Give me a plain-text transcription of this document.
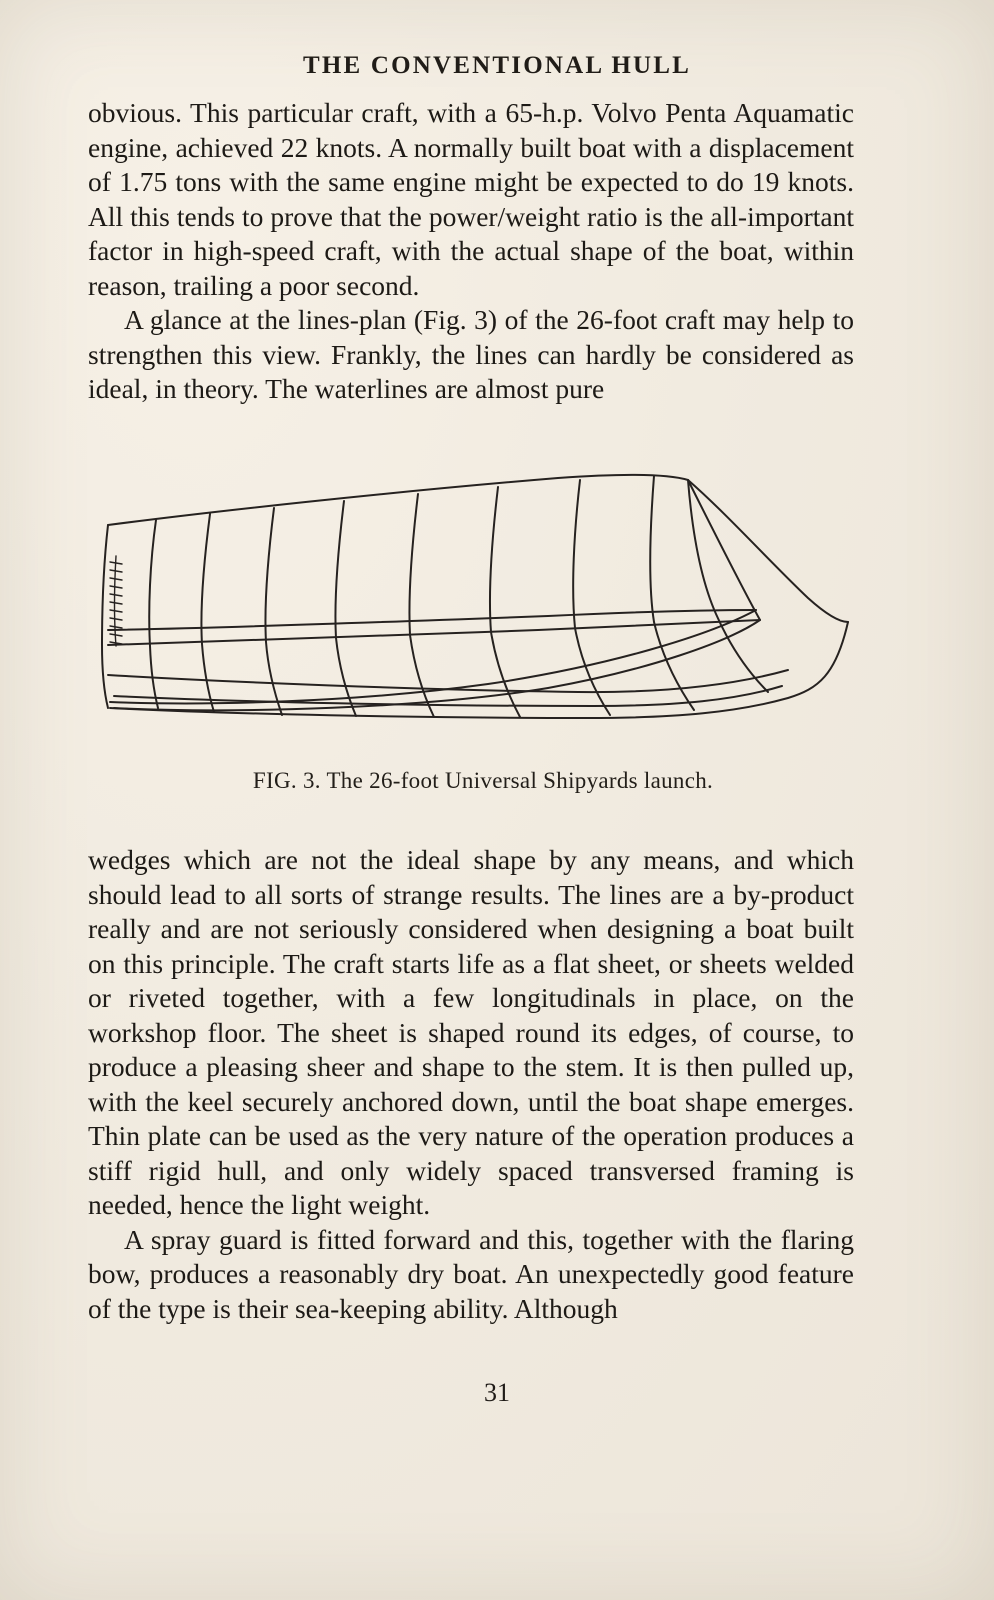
THE CONVENTIONAL HULL

obvious. This particular craft, with a 65-h.p. Volvo Penta Aquamatic engine, achieved 22 knots. A normally built boat with a displacement of 1.75 tons with the same engine might be expected to do 19 knots. All this tends to prove that the power/weight ratio is the all-important factor in high-speed craft, with the actual shape of the boat, within reason, trailing a poor second.

A glance at the lines-plan (Fig. 3) of the 26-foot craft may help to strengthen this view. Frankly, the lines can hardly be considered as ideal, in theory. The waterlines are almost pure

FIG. 3. The 26-foot Universal Shipyards launch.

wedges which are not the ideal shape by any means, and which should lead to all sorts of strange results. The lines are a by-product really and are not seriously considered when designing a boat built on this principle. The craft starts life as a flat sheet, or sheets welded or riveted together, with a few longitudinals in place, on the workshop floor. The sheet is shaped round its edges, of course, to produce a pleasing sheer and shape to the stem. It is then pulled up, with the keel securely anchored down, until the boat shape emerges. Thin plate can be used as the very nature of the operation produces a stiff rigid hull, and only widely spaced transversed framing is needed, hence the light weight.

A spray guard is fitted forward and this, together with the flaring bow, produces a reasonably dry boat. An unexpectedly good feature of the type is their sea-keeping ability. Although

31
